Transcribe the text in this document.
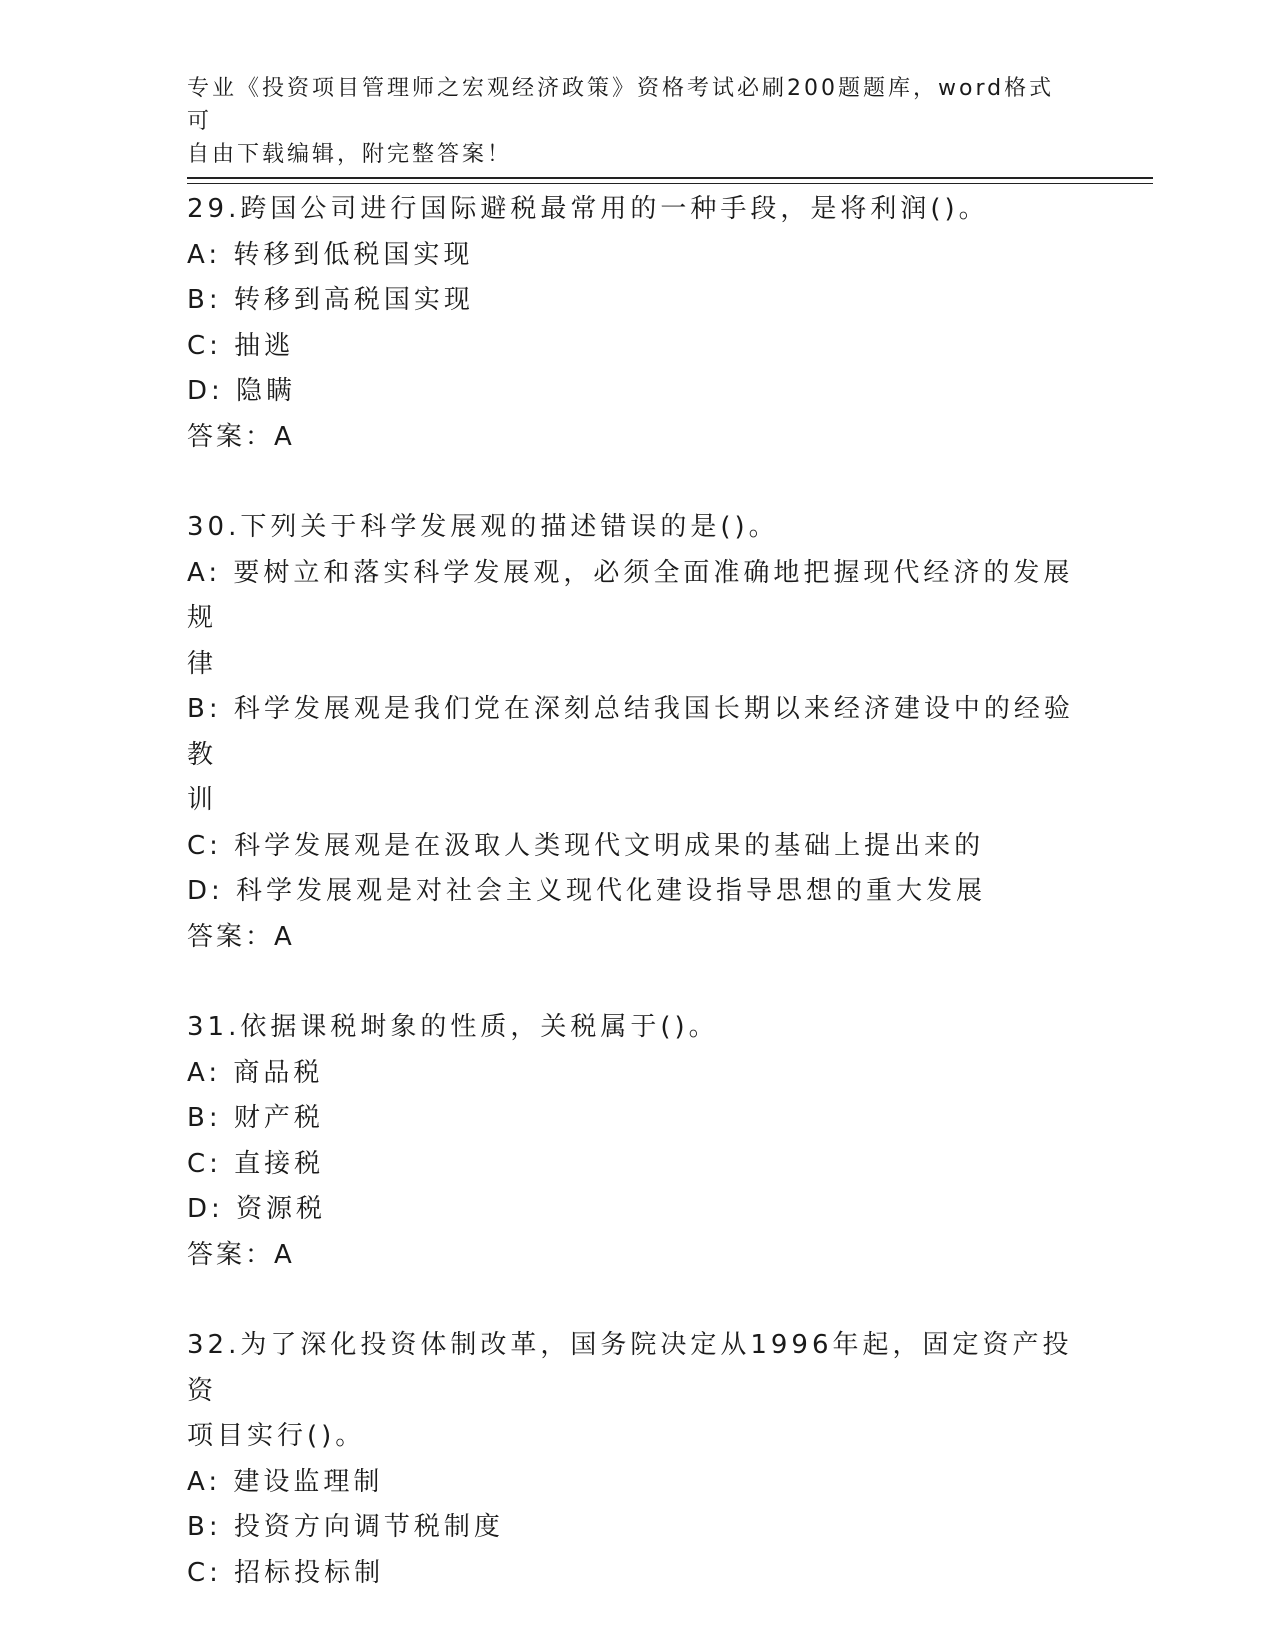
专业《投资项目管理师之宏观经济政策》资格考试必刷200题题库，word格式可
自由下载编辑，附完整答案！

29.跨国公司进行国际避税最常用的一种手段，是将利润()。

A: 转移到低税国实现

B: 转移到高税国实现

C: 抽逃

D: 隐瞒

答案：A

30.下列关于科学发展观的描述错误的是()。

A: 要树立和落实科学发展观，必须全面准确地把握现代经济的发展规

律

B: 科学发展观是我们党在深刻总结我国长期以来经济建设中的经验教

训

C: 科学发展观是在汲取人类现代文明成果的基础上提出来的

D: 科学发展观是对社会主义现代化建设指导思想的重大发展

答案：A

31.依据课税埘象的性质，关税属于()。

A: 商品税

B: 财产税

C: 直接税

D: 资源税

答案：A

32.为了深化投资体制改革，国务院决定从1996年起，固定资产投资

项目实行()。

A: 建设监理制

B: 投资方向调节税制度

C: 招标投标制
